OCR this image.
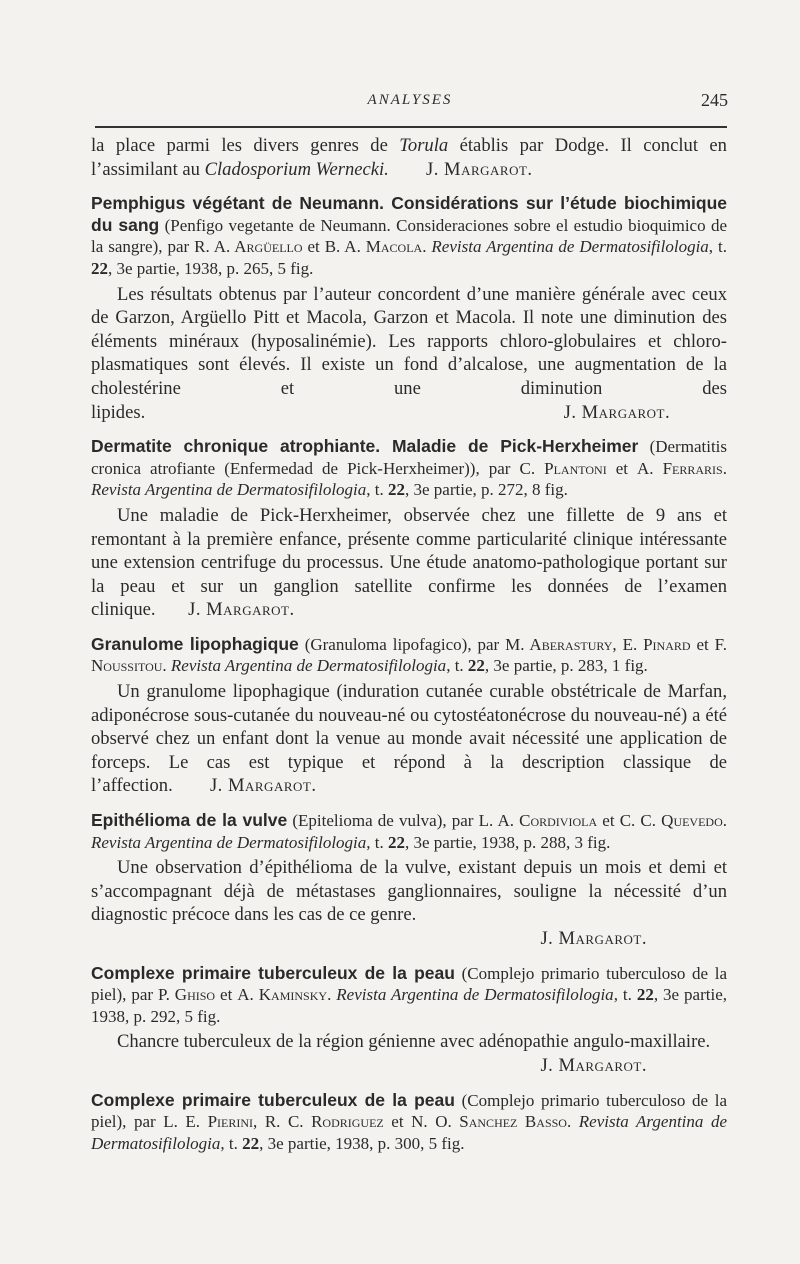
ANALYSES	245

la place parmi les divers genres de Torula établis par Dodge. Il conclut en l’assimilant au Cladosporium Wernecki. J. Margarot.

Pemphigus végétant de Neumann. Considérations sur l’étude biochimique du sang (Penfigo vegetante de Neumann. Consideraciones sobre el estudio bioquimico de la sangre), par R. A. Argüello et B. A. Macola. Revista Argentina de Dermatosifilologia, t. 22, 3e partie, 1938, p. 265, 5 fig.

Les résultats obtenus par l’auteur concordent d’une manière générale avec ceux de Garzon, Argüello Pitt et Macola, Garzon et Macola. Il note une diminution des éléments minéraux (hyposalinémie). Les rapports chloro-globulaires et chloro-plasmatiques sont élevés. Il existe un fond d’alcalose, une augmentation de la cholestérine et une diminution des lipides.	J. Margarot.

Dermatite chronique atrophiante. Maladie de Pick-Herxheimer (Dermatitis cronica atrofiante (Enfermedad de Pick-Herxheimer)), par C. Plantoni et A. Ferraris. Revista Argentina de Dermatosifilologia, t. 22, 3e partie, p. 272, 8 fig.

Une maladie de Pick-Herxheimer, observée chez une fillette de 9 ans et remontant à la première enfance, présente comme particularité clinique intéressante une extension centrifuge du processus. Une étude anatomo-pathologique portant sur la peau et sur un ganglion satellite confirme les données de l’examen clinique. J. Margarot.

Granulome lipophagique (Granuloma lipofagico), par M. Aberastury, E. Pinard et F. Noussitou. Revista Argentina de Dermatosifilologia, t. 22, 3e partie, p. 283, 1 fig.

Un granulome lipophagique (induration cutanée curable obstétricale de Marfan, adiponécrose sous-cutanée du nouveau-né ou cytostéatonécrose du nouveau-né) a été observé chez un enfant dont la venue au monde avait nécessité une application de forceps. Le cas est typique et répond à la description classique de l’affection. J. Margarot.

Epithélioma de la vulve (Epitelioma de vulva), par L. A. Cordiviola et C. C. Quevedo. Revista Argentina de Dermatosifilologia, t. 22, 3e partie, 1938, p. 288, 3 fig.

Une observation d’épithélioma de la vulve, existant depuis un mois et demi et s’accompagnant déjà de métastases ganglionnaires, souligne la nécessité d’un diagnostic précoce dans les cas de ce genre.

J. Margarot.

Complexe primaire tuberculeux de la peau (Complejo primario tuberculoso de la piel), par P. Ghiso et A. Kaminsky. Revista Argentina de Dermatosifilologia, t. 22, 3e partie, 1938, p. 292, 5 fig.

Chancre tuberculeux de la région génienne avec adénopathie angulo-maxillaire.

J. Margarot.

Complexe primaire tuberculeux de la peau (Complejo primario tuberculoso de la piel), par L. E. Pierini, R. C. Rodriguez et N. O. Sanchez Basso. Revista Argentina de Dermatosifilologia, t. 22, 3e partie, 1938, p. 300, 5 fig.
